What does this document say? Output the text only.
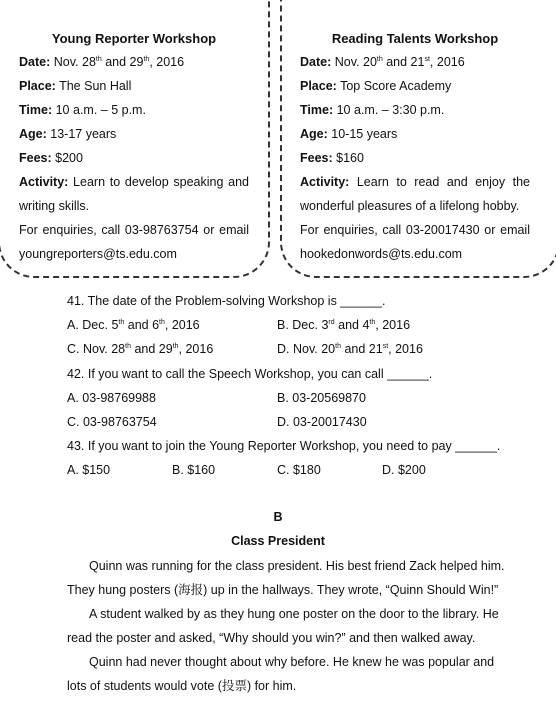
Young Reporter Workshop
Date: Nov. 28th and 29th, 2016
Place: The Sun Hall
Time: 10 a.m. – 5 p.m.
Age: 13-17 years
Fees: $200
Activity: Learn to develop speaking and
writing skills.
For enquiries, call 03-98763754 or email
youngreporters@ts.edu.com
Reading Talents Workshop
Date: Nov. 20th and 21st, 2016
Place: Top Score Academy
Time: 10 a.m. – 3:30 p.m.
Age: 10-15 years
Fees: $160
Activity: Learn to read and enjoy the
wonderful pleasures of a lifelong hobby.
For enquiries, call 03-20017430 or email
hookedonwords@ts.edu.com
41. The date of the Problem-solving Workshop is ______.
A. Dec. 5th and 6th, 2016	B. Dec. 3rd and 4th, 2016
C. Nov. 28th and 29th, 2016	D. Nov. 20th and 21st, 2016
42. If you want to call the Speech Workshop, you can call ______.
A. 03-98769988	B. 03-20569870
C. 03-98763754	D. 03-20017430
43. If you want to join the Young Reporter Workshop, you need to pay ______.
A. $150	B. $160	C. $180	D. $200
B
Class President
Quinn was running for the class president. His best friend Zack helped him.
They hung posters (海报) up in the hallways. They wrote, “Quinn Should Win!”
A student walked by as they hung one poster on the door to the library. He
read the poster and asked, “Why should you win?” and then walked away.
Quinn had never thought about why before. He knew he was popular and
lots of students would vote (投票) for him.
